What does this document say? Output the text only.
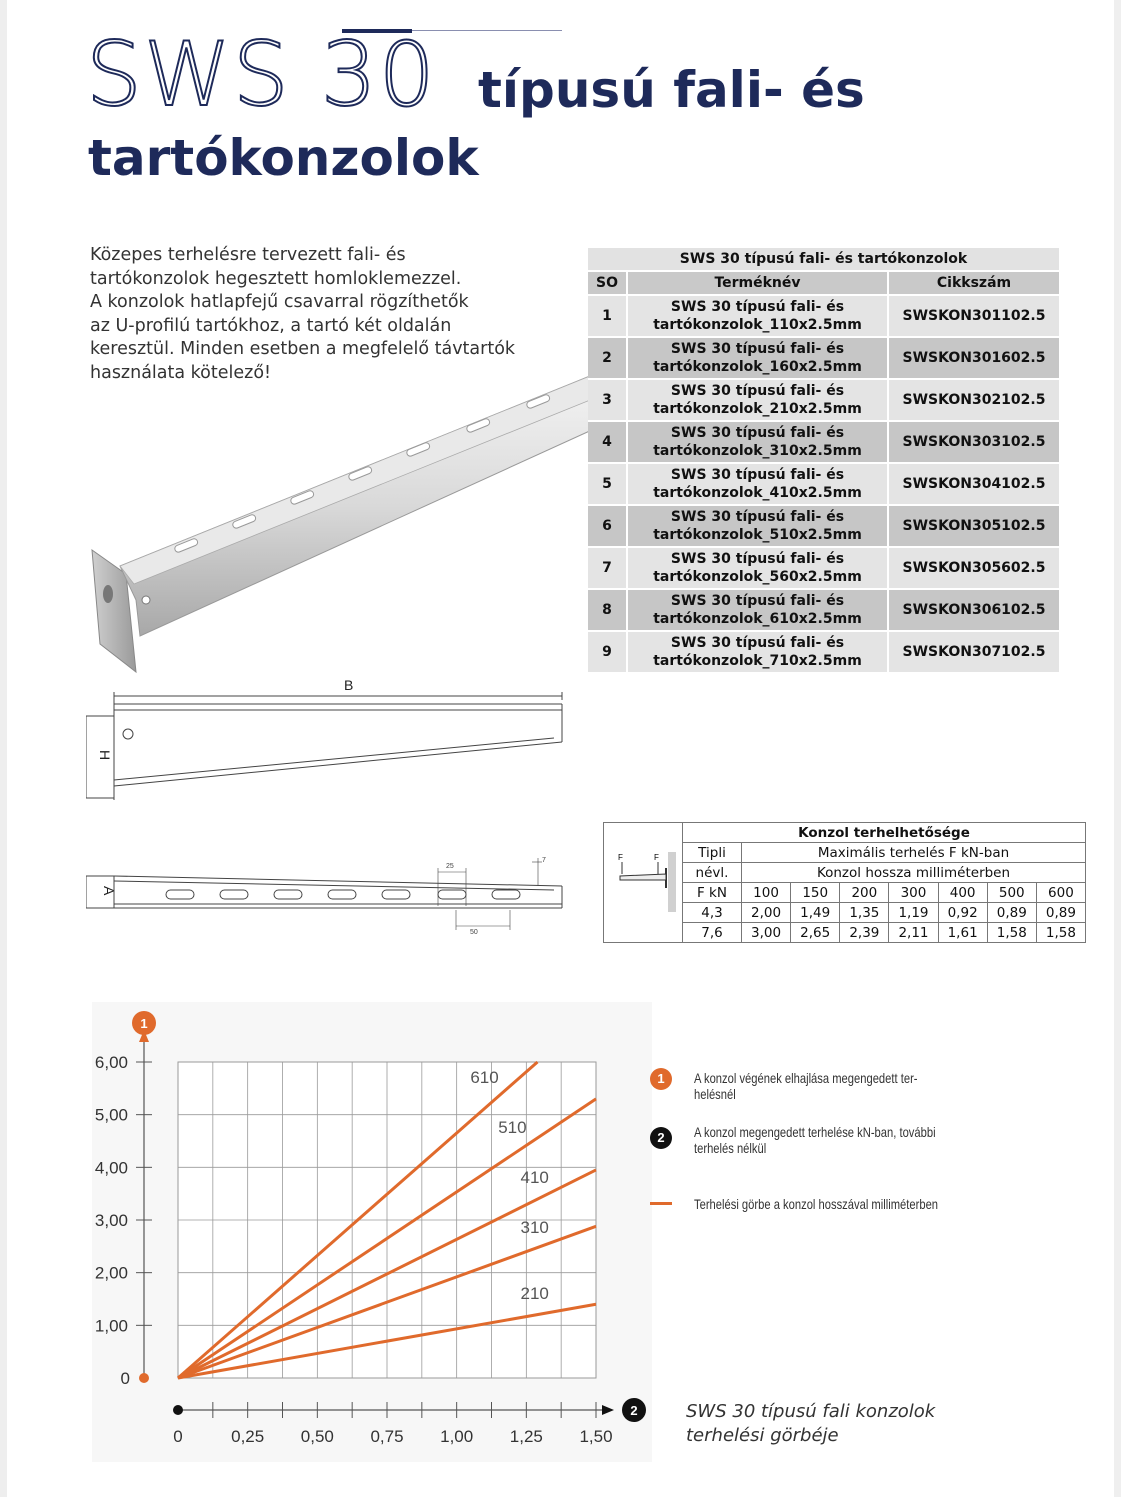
SWS 30 típusú fali- és
tartókonzolok
Közepes terhelésre tervezett fali- és
tartókonzolok hegesztett homloklemezzel.
A konzolok hatlapfejű csavarral rögzíthetők
az U-profilú tartókhoz, a tartó két oldalán
keresztül. Minden esetben a megfelelő távtartók
használata kötelező!
SWS 30 típusú fali- és tartókonzolok		
SO	Terméknév	Cikkszám
1	SWS 30 típusú fali- és
tartókonzolok_110x2.5mm	SWSKON301102.5
2	SWS 30 típusú fali- és
tartókonzolok_160x2.5mm	SWSKON301602.5
3	SWS 30 típusú fali- és
tartókonzolok_210x2.5mm	SWSKON302102.5
4	SWS 30 típusú fali- és
tartókonzolok_310x2.5mm	SWSKON303102.5
5	SWS 30 típusú fali- és
tartókonzolok_410x2.5mm	SWSKON304102.5
6	SWS 30 típusú fali- és
tartókonzolok_510x2.5mm	SWSKON305102.5
7	SWS 30 típusú fali- és
tartókonzolok_560x2.5mm	SWSKON305602.5
8	SWS 30 típusú fali- és
tartókonzolok_610x2.5mm	SWSKON306102.5
9	SWS 30 típusú fali- és
tartókonzolok_710x2.5mm	SWSKON307102.5
B
H
A
25
50
7	F F	Konzol terhelhetősége							
	Tipli	Maximális terhelés F kN-ban						
	névl.	Konzol hossza milliméterben						
	F kN	100	150	200	300	400	500	600
	4,3	2,00	1,49	1,35	1,19	0,92	0,89	0,89
	7,6	3,00	2,65	2,39	2,11	1,61	1,58	1,58
1
6,00
5,00
4,00
3,00
2,00
1,00
0
2
0	0,25 0,50 0,75 1,00 1,25 1,50
610
510
410
310
210
1	A konzol végének elhajlása megengedett ter-
helésnél
2	A konzol megengedett terhelése kN-ban, további
terhelés nélkül
Terhelési görbe a konzol hosszával milliméterben
SWS 30 típusú fali konzolok
terhelési görbéje
